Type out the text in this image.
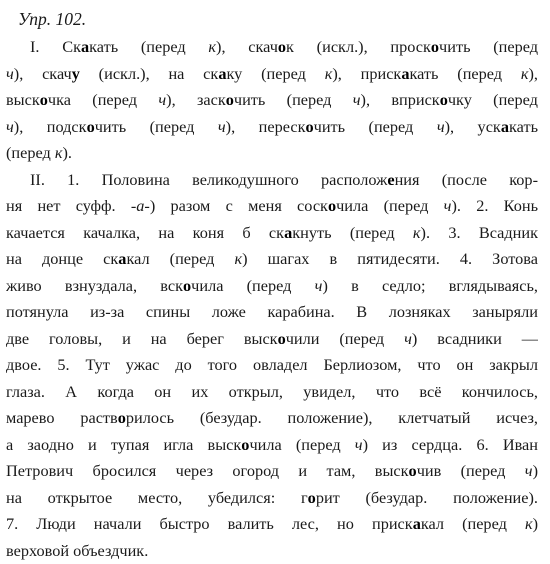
Упр. 102.
I. Скакать (перед к), скачок (искл.), проскочить (перед
ч), скачу (искл.), на скаку (перед к), прискакать (перед к),
выскочка (перед ч), заскочить (перед ч), вприскочку (перед
ч), подскочить (перед ч), перескочить (перед ч), ускакать
(перед к).
II. 1. Половина великодушного расположения (после кор-
ня нет суфф. -а-) разом с меня соскочила (перед ч). 2. Конь
качается качалка, на коня б скакнуть (перед к). 3. Всадник
на донце скакал (перед к) шагах в пятидесяти. 4. Зотова
живо взнуздала, вскочила (перед ч) в седло; вглядываясь,
потянула из-за спины ложе карабина. В лозняках заныряли
две головы, и на берег выскочили (перед ч) всадники —
двое. 5. Тут ужас до того овладел Берлиозом, что он закрыл
глаза. А когда он их открыл, увидел, что всё кончилось,
марево растворилось (безудар. положение), клетчатый исчез,
а заодно и тупая игла выскочила (перед ч) из сердца. 6. Иван
Петрович бросился через огород и там, выскочив (перед ч)
на открытое место, убедился: горит (безудар. положение).
7. Люди начали быстро валить лес, но прискакал (перед к)
верховой объездчик.
